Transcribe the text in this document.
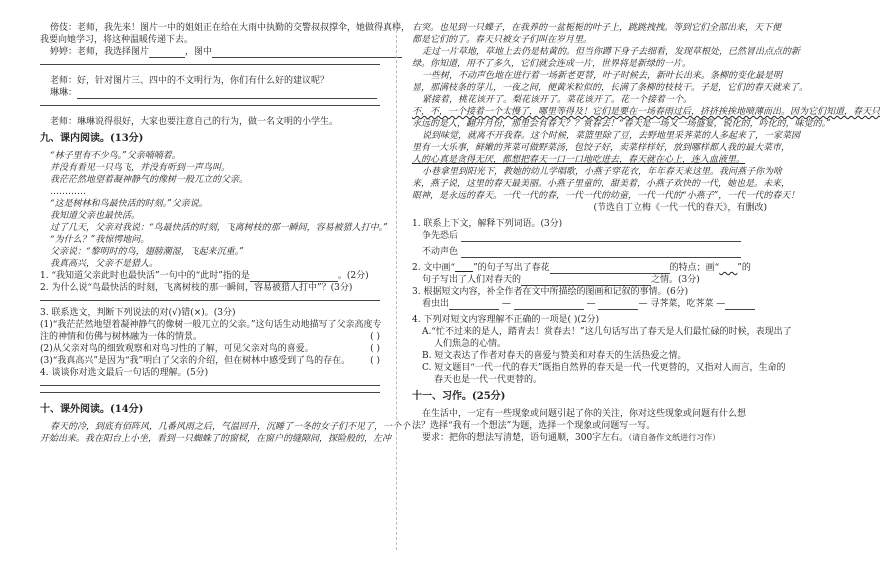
傍伎：老师，我先来！图片一中的姐姐正在给在大雨中执勤的交警叔叔撑伞，她做得真棒，

我要向她学习，将这种温暖传递下去。

婷婷：老师，我选择图片	，图中

老师：好，针对图片三、四中的不文明行为，你们有什么好的建议呢？

琳琳：

老师：琳琳说得很好，大家也要注意自己的行为，做一名文明的小学生。

九、课内阅读。(13分)

“林子里有不少鸟。”父亲喃喃着。

并没有看见一只鸟飞，并没有听到一声鸟叫。

我茫茫然地望着凝神静气的像树一般兀立的父亲。

…………

“这是树林和鸟最快活的时刻。”父亲说。

我知道父亲也最快活。

过了几天，父亲对我说：“鸟最快活的时刻，飞离树枝的那一瞬间，容易被猎人打中。”

“为什么？”我惊愕地问。

父亲说：“黎明时的鸟，翅膀潮湿，飞起来沉重。”

我真高兴，父亲不是猎人。

1. “我知道父亲此时也最快活”一句中的“此时”指的是	。(2分)

2. 为什么说“鸟最快活的时刻，飞离树枝的那一瞬间，容易被猎人打中”？(3分)

3. 联系选文，判断下列说法的对(√)错(×)。(3分)

(1)“我茫茫然地望着凝神静气的像树一般兀立的父亲。”这句话生动地描写了父亲高度专

注的神情和仿佛与树林融为一体的情景。	( )

(2)从父亲对鸟的细致观察和对鸟习性的了解，可见父亲对鸟的喜爱。	( )

(3)“我真高兴”是因为“我”明白了父亲的介绍，但在树林中感受到了鸟的存在。 ( )

4. 谈谈你对选文最后一句话的理解。(5分)

十、课外阅读。(14分)

春天的冷，到底有佰阵风，几番风雨之后，气温回升，沉睡了一冬的女子们不见了，一个个

开始出来。我在阳台上小坐，看到一只蜘蛛了的窗棂，在窗户的缝隙间，探险般的，左冲

右突。也见到一只蝶子，在我养的一盆栀栀的叶子上，跳跳拽拽。等到它们全部出来，天下便

都是它们的了。春天只被女子们叫在岁月里。

走过一片草地，草地上去仍是枯黄的。但当你蹲下身子去细看，发现草根处，已然冒出点点的新

绿。你知道，用不了多久，它们就会连成一片，世界将是新绿的一片。

一些树，不动声色地在进行着一场新老更替，叶子时候去，新叶长出来。条柳的变化最是明

显，那满枝条的芽儿，一夜之间，便黄米粒似的，长满了条柳的枝枝干。子是，它们的春天就来了。

紧接着，桃花该开了。梨花该开了。菜花该开了。花一个接着一个。

不，不，一个接着一个太慢了，哪里等得及！它们是要在一场春雨过后，挤挤挨挨地喷薄而出。因为它们知道，春天只

永远的是人，翻开月份，那里会有春天？？赏春去！“春天是一场又一场盛宴，锐化的，吟化的，味觉的。”

说到味觉，就离不开我春。这个时候，菜篮里除了豆，去野地里采荠菜的人多起来了，一家菜园

里有一大乐事，鲜嫩的荠菜可做野菜汤，包饺子好，卖菜样样好，放到哪样都人我的最大菜市，

人的心真是贪得无厌，都想把春天一口一口地吃进去，春天就在心上，连入血液里。

小巷拿里到阳光下，教她的幼儿学唱歌，小燕子穿花衣，年年春天来这里。我问燕子你为啥

来，燕子说，这里的春天最美丽。小燕子里童的，甜美着，小燕子欢快的一代，她也是。未来，

眼神，是永远的春天。一代一代的春，一代一代的幼童，一代一代的“小燕子”，一代一代的春天！

(节选自丁立梅《一代一代的春天》，有删改)

1. 联系上下文，解释下列词语。(3分)

争先恐后

不动声色

2. 文中画“   ”的句子写出了春花	的特点；画“   ”的

句子写出了人们对春天的	之情。(3分)

3. 根据短文内容，补全作者在文中所描绘的图画和记叙的事情。(6分)

看虫出	—	—	— 寻荠菜，吃荠菜 —

4. 下列对短文内容理解不正确的一项是( )(2分)

A.“忙不过来的是人，踏青去！赏春去！”这几句话写出了春天是人们最忙碌的时候，表现出了

人们焦急的心情。

B. 短文表达了作者对春天的喜爱与赞美和对春天的生活热爱之情。

C. 短文题目“一代一代的春天”既指自然界的春天是一代一代更替的，又指对人而言，生命的

春天也是一代一代更替的。

十一、习作。(25分)

在生活中，一定有一些现象或问题引起了你的关注，你对这些现象或问题有什么想

法？选择“我有一个想法”为题，选择一个现象或问题写一写。

要求：把你的想法写清楚，语句通顺，300字左右。（请自备作文纸进行习作）
